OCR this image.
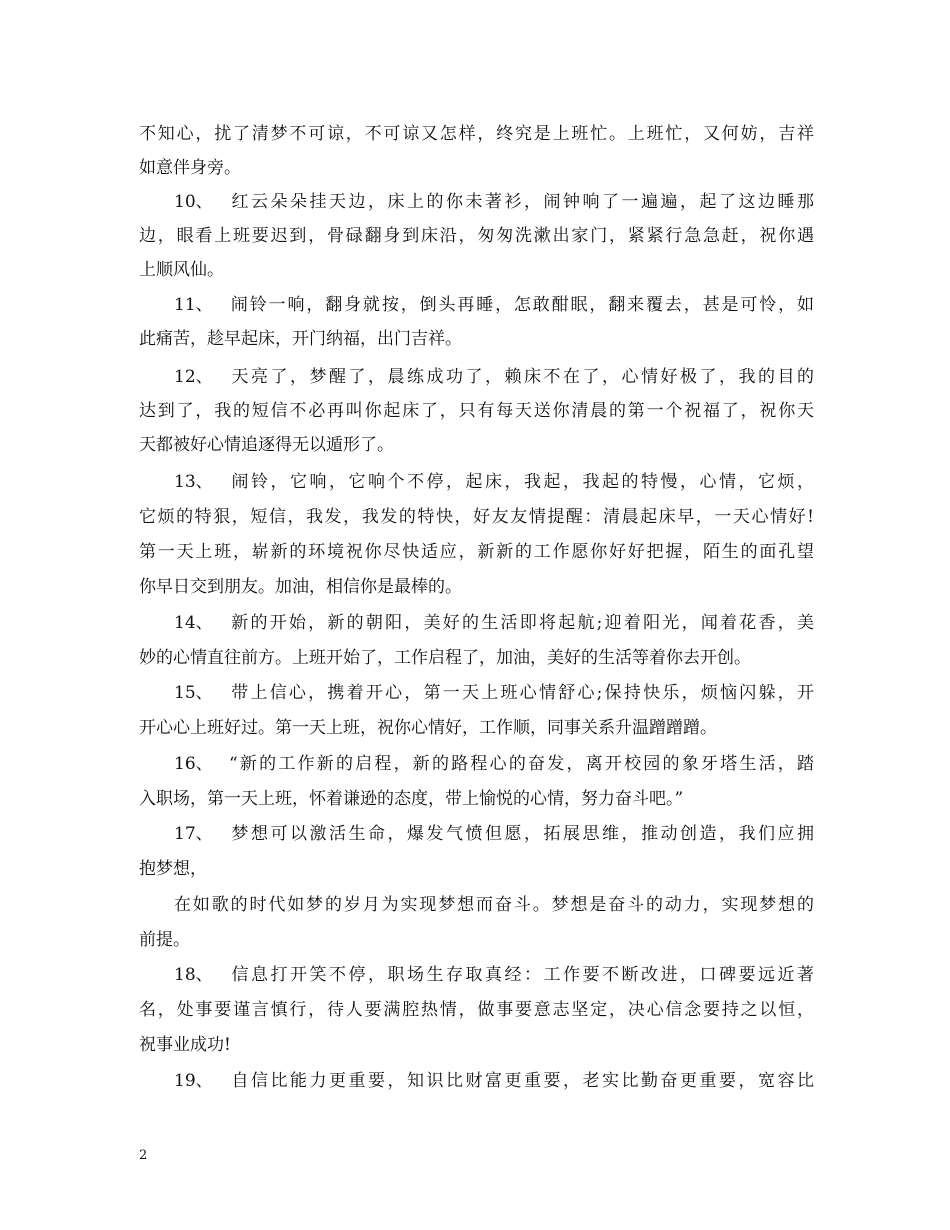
不知心，扰了清梦不可谅，不可谅又怎样，终究是上班忙。上班忙，又何妨，吉祥
如意伴身旁。
10、 红云朵朵挂天边，床上的你未著衫，闹钟响了一遍遍，起了这边睡那
边，眼看上班要迟到，骨碌翻身到床沿，匆匆洗漱出家门，紧紧行急急赶，祝你遇
上顺风仙。
11、 闹铃一响，翻身就按，倒头再睡，怎敢酣眠，翻来覆去，甚是可怜，如
此痛苦，趁早起床，开门纳福，出门吉祥。
12、 天亮了，梦醒了，晨练成功了，赖床不在了，心情好极了，我的目的
达到了，我的短信不必再叫你起床了，只有每天送你清晨的第一个祝福了，祝你天
天都被好心情追逐得无以遁形了。
13、 闹铃，它响，它响个不停，起床，我起，我起的特慢，心情，它烦，
它烦的特狠，短信，我发，我发的特快，好友友情提醒：清晨起床早，一天心情好!
第一天上班，崭新的环境祝你尽快适应，新新的工作愿你好好把握，陌生的面孔望
你早日交到朋友。加油，相信你是最棒的。
14、 新的开始，新的朝阳，美好的生活即将起航;迎着阳光，闻着花香，美
妙的心情直往前方。上班开始了，工作启程了，加油，美好的生活等着你去开创。
15、 带上信心，携着开心，第一天上班心情舒心;保持快乐，烦恼闪躲，开
开心心上班好过。第一天上班，祝你心情好，工作顺，同事关系升温蹭蹭蹭。
16、 “新的工作新的启程，新的路程心的奋发，离开校园的象牙塔生活，踏
入职场，第一天上班，怀着谦逊的态度，带上愉悦的心情，努力奋斗吧。”
17、 梦想可以激活生命，爆发气愤但愿，拓展思维，推动创造，我们应拥
抱梦想，
在如歌的时代如梦的岁月为实现梦想而奋斗。梦想是奋斗的动力，实现梦想的
前提。
18、 信息打开笑不停，职场生存取真经：工作要不断改进，口碑要远近著
名，处事要谨言慎行，待人要满腔热情，做事要意志坚定，决心信念要持之以恒，
祝事业成功!
19、 自信比能力更重要，知识比财富更重要，老实比勤奋更重要，宽容比
2
